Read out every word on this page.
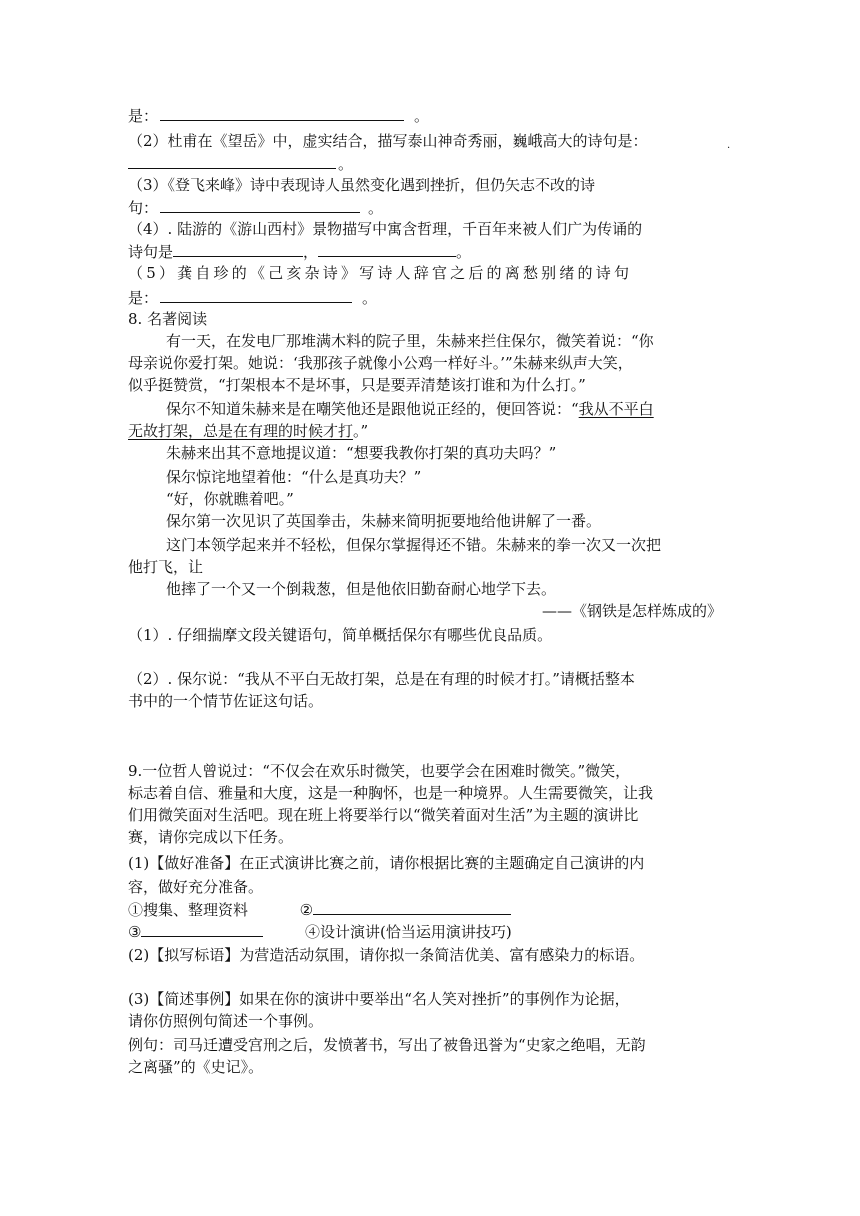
是：	。
（2）杜甫在《望岳》中，虚实结合，描写泰山神奇秀丽，巍峨高大的诗句是：	.
。
（3）《登飞来峰》诗中表现诗人虽然变化遇到挫折，但仍矢志不改的诗
句：	。
（4）. 陆游的《游山西村》景物描写中寓含哲理，千百年来被人们广为传诵的
诗句是	，	。
（5）龚自珍的《己亥杂诗》写诗人辞官之后的离愁别绪的诗句
是：	。
8. 名著阅读
有一天，在发电厂那堆满木料的院子里，朱赫来拦住保尔，微笑着说：“你
母亲说你爱打架。她说：‘我那孩子就像小公鸡一样好斗。’”朱赫来纵声大笑，
似乎挺赞赏，“打架根本不是坏事，只是要弄清楚该打谁和为什么打。”
保尔不知道朱赫来是在嘲笑他还是跟他说正经的，便回答说：“我从不平白
无故打架，总是在有理的时候才打。”
朱赫来出其不意地提议道：“想要我教你打架的真功夫吗？”
保尔惊诧地望着他：“什么是真功夫？”
“好，你就瞧着吧。”
保尔第一次见识了英国拳击，朱赫来简明扼要地给他讲解了一番。
这门本领学起来并不轻松，但保尔掌握得还不错。朱赫来的拳一次又一次把
他打飞，让
他摔了一个又一个倒栽葱，但是他依旧勤奋耐心地学下去。
——《钢铁是怎样炼成的》
（1）. 仔细揣摩文段关键语句，简单概括保尔有哪些优良品质。
（2）. 保尔说：“我从不平白无故打架，总是在有理的时候才打。”请概括整本
书中的一个情节佐证这句话。
9.一位哲人曾说过：“不仅会在欢乐时微笑，也要学会在困难时微笑。”微笑，
标志着自信、雅量和大度，这是一种胸怀，也是一种境界。人生需要微笑，让我
们用微笑面对生活吧。现在班上将要举行以“微笑着面对生活”为主题的演讲比
赛，请你完成以下任务。
(1)【做好准备】在正式演讲比赛之前，请你根据比赛的主题确定自己演讲的内
容，做好充分准备。
①搜集、整理资料	②
③	④设计演讲(恰当运用演讲技巧)
(2)【拟写标语】为营造活动氛围，请你拟一条简洁优美、富有感染力的标语。
(3)【简述事例】如果在你的演讲中要举出“名人笑对挫折”的事例作为论据，
请你仿照例句简述一个事例。
例句：司马迁遭受宫刑之后，发愤著书，写出了被鲁迅誉为“史家之绝唱，无韵
之离骚”的《史记》。
